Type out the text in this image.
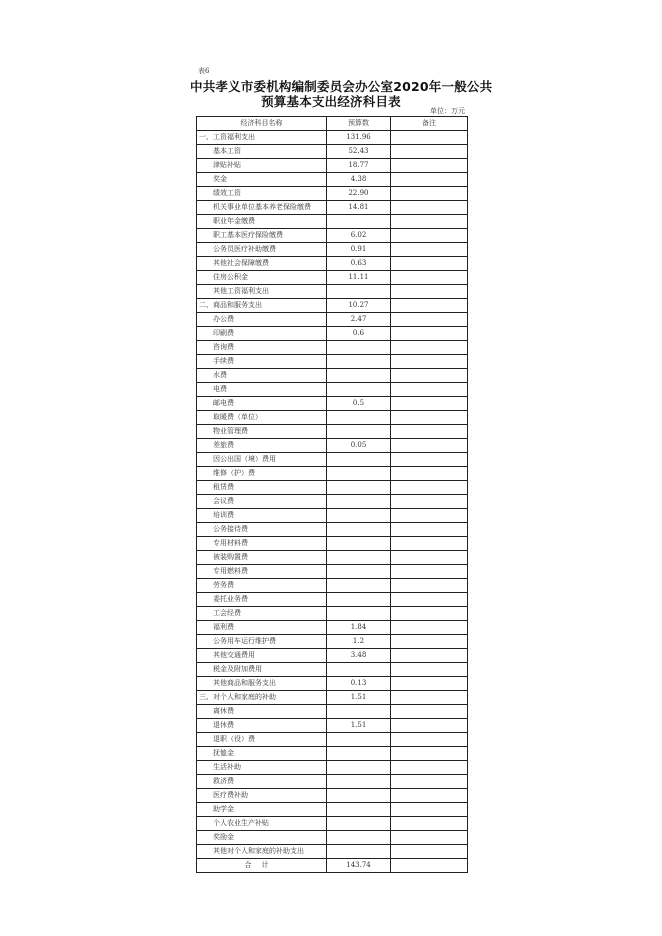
表6
中共孝义市委机构编制委员会办公室2020年一般公共
预算基本支出经济科目表
单位：万元
经济科目名称	预算数	备注
一、工资福利支出	131.96	
基本工资	52.43	
津贴补贴	18.77	
奖金	4.38	
绩效工资	22.90	
机关事业单位基本养老保险缴费	14.81	
职业年金缴费		
职工基本医疗保险缴费	6.02	
公务员医疗补助缴费	0.91	
其他社会保障缴费	0.63	
住房公积金	11.11	
其他工资福利支出		
二、商品和服务支出	10.27	
办公费	2.47	
印刷费	0.6	
咨询费		
手续费		
水费		
电费		
邮电费	0.5	
取暖费（单位）		
物业管理费		
差旅费	0.05	
因公出国（境）费用		
维修（护）费		
租赁费		
会议费		
培训费		
公务接待费		
专用材料费		
被装购置费		
专用燃料费		
劳务费		
委托业务费		
工会经费		
福利费	1.84	
公务用车运行维护费	1.2	
其他交通费用	3.48	
税金及附加费用		
其他商品和服务支出	0.13	
三、对个人和家庭的补助	1.51	
离休费		
退休费	1.51	
退职（役）费		
抚恤金		
生活补助		
救济费		
医疗费补助		
助学金		
个人农业生产补贴		
奖励金		
其他对个人和家庭的补助支出		
合计	143.74	
